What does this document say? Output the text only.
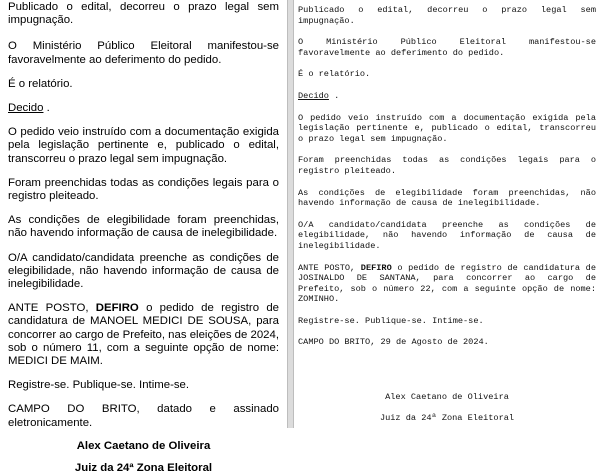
Publicado o edital, decorreu o prazo legal sem impugnação.

O Ministério Público Eleitoral manifestou-se favoravelmente ao deferimento do pedido.

É o relatório.

Decido .

O pedido veio instruído com a documentação exigida pela legislação pertinente e, publicado o edital, transcorreu o prazo legal sem impugnação.

Foram preenchidas todas as condições legais para o registro pleiteado.

As condições de elegibilidade foram preenchidas, não havendo informação de causa de inelegibilidade.

O/A candidato/candidata preenche as condições de elegibilidade, não havendo informação de causa de inelegibilidade.

ANTE POSTO, DEFIRO o pedido de registro de candidatura de MANOEL MEDICI DE SOUSA, para concorrer ao cargo de Prefeito, nas eleições de 2024, sob o número 11, com a seguinte opção de nome: MEDICI DE MAIM.

Registre-se. Publique-se. Intime-se.

CAMPO DO BRITO, datado e assinado eletronicamente.

Alex Caetano de Oliveira

Juiz da 24ª Zona Eleitoral

Publicado o edital, decorreu o prazo legal sem impugnação.

O Ministério Público Eleitoral manifestou-se favoravelmente ao deferimento do pedido.

É o relatório.

Decido .

O pedido veio instruído com a documentação exigida pela legislação pertinente e, publicado o edital, transcorreu o prazo legal sem impugnação.

Foram preenchidas todas as condições legais para o registro pleiteado.

As condições de elegibilidade foram preenchidas, não havendo informação de causa de inelegibilidade.

O/A candidato/candidata preenche as condições de elegibilidade, não havendo informação de causa de inelegibilidade.

ANTE POSTO, DEFIRO o pedido de registro de candidatura de JOSINALDO DE SANTANA, para concorrer ao cargo de Prefeito, sob o número 22, com a seguinte opção de nome: ZOMINHO.

Registre-se. Publique-se. Intime-se.

CAMPO DO BRITO, 29 de Agosto de 2024.

Alex Caetano de Oliveira

Juiz da 24ª Zona Eleitoral
